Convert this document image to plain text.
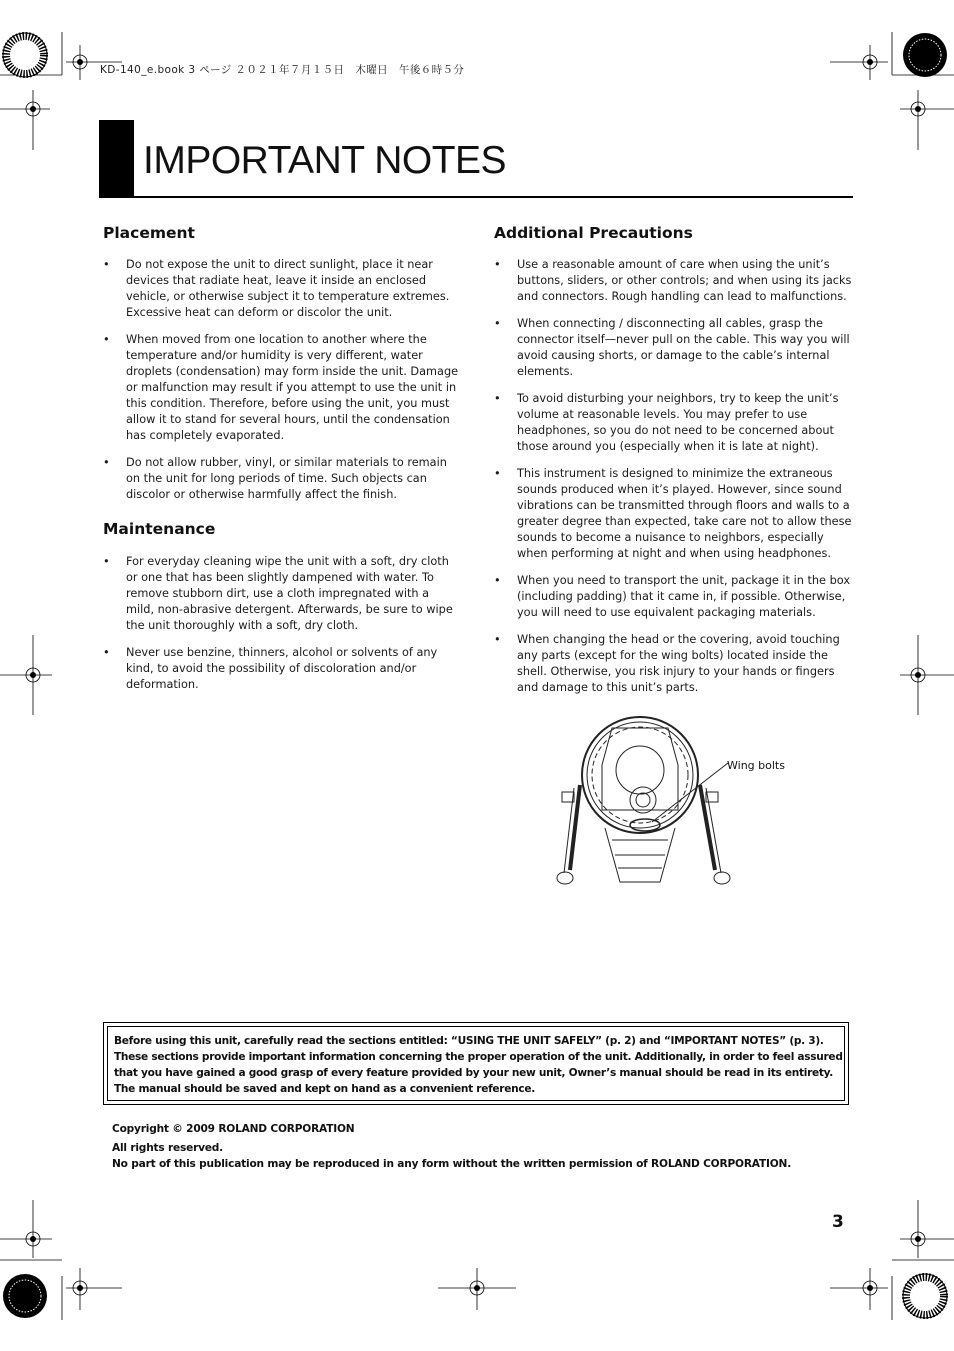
KD-140_e.book 3 ページ ２０２１年７月１５日　木曜日　午後６時５分
IMPORTANT NOTES
Placement
• Do not expose the unit to direct sunlight, place it near devices that radiate heat, leave it inside an enclosed vehicle, or otherwise subject it to temperature extremes. Excessive heat can deform or discolor the unit.
• When moved from one location to another where the temperature and/or humidity is very different, water droplets (condensation) may form inside the unit. Damage or malfunction may result if you attempt to use the unit in this condition. Therefore, before using the unit, you must allow it to stand for several hours, until the condensation has completely evaporated.
• Do not allow rubber, vinyl, or similar materials to remain on the unit for long periods of time. Such objects can discolor or otherwise harmfully affect the finish.
Maintenance
• For everyday cleaning wipe the unit with a soft, dry cloth or one that has been slightly dampened with water. To remove stubborn dirt, use a cloth impregnated with a mild, non-abrasive detergent. Afterwards, be sure to wipe the unit thoroughly with a soft, dry cloth.
• Never use benzine, thinners, alcohol or solvents of any kind, to avoid the possibility of discoloration and/or deformation.
Additional Precautions
• Use a reasonable amount of care when using the unit’s buttons, sliders, or other controls; and when using its jacks and connectors. Rough handling can lead to malfunctions.
• When connecting / disconnecting all cables, grasp the connector itself—never pull on the cable. This way you will avoid causing shorts, or damage to the cable’s internal elements.
• To avoid disturbing your neighbors, try to keep the unit’s volume at reasonable levels. You may prefer to use headphones, so you do not need to be concerned about those around you (especially when it is late at night).
• This instrument is designed to minimize the extraneous sounds produced when it’s played. However, since sound vibrations can be transmitted through floors and walls to a greater degree than expected, take care not to allow these sounds to become a nuisance to neighbors, especially when performing at night and when using headphones.
• When you need to transport the unit, package it in the box (including padding) that it came in, if possible. Otherwise, you will need to use equivalent packaging materials.
• When changing the head or the covering, avoid touching any parts (except for the wing bolts) located inside the shell. Otherwise, you risk injury to your hands or fingers and damage to this unit’s parts.
Wing bolts
Before using this unit, carefully read the sections entitled: “USING THE UNIT SAFELY” (p. 2) and “IMPORTANT NOTES” (p. 3).
These sections provide important information concerning the proper operation of the unit. Additionally, in order to feel assured
that you have gained a good grasp of every feature provided by your new unit, Owner’s manual should be read in its entirety.
The manual should be saved and kept on hand as a convenient reference.
Copyright © 2009 ROLAND CORPORATION
All rights reserved.
No part of this publication may be reproduced in any form without the written permission of ROLAND CORPORATION.
3
